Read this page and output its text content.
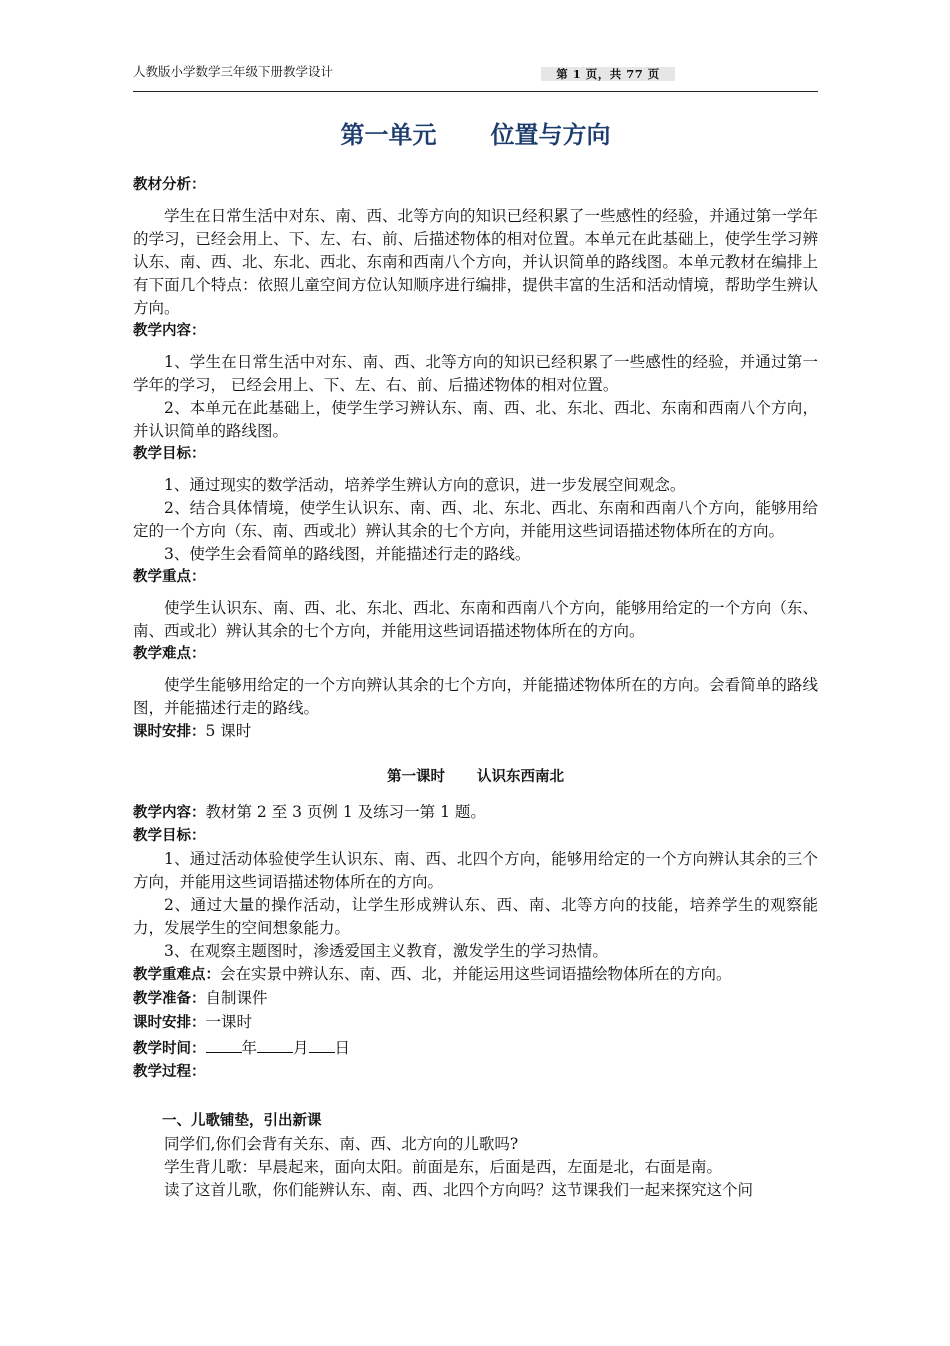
人教版小学数学三年级下册教学设计	第 1 页，共 77 页
第一单元 位置与方向
教材分析：

学生在日常生活中对东、南、西、北等方向的知识已经积累了一些感性的经验，并通过第一学年的学习，已经会用上、下、左、右、前、后描述物体的相对位置。本单元在此基础上，使学生学习辨认东、南、西、北、东北、西北、东南和西南八个方向，并认识简单的路线图。本单元教材在编排上有下面几个特点：依照儿童空间方位认知顺序进行编排，提供丰富的生活和活动情境，帮助学生辨认方向。

教学内容：

1、学生在日常生活中对东、南、西、北等方向的知识已经积累了一些感性的经验，并通过第一学年的学习， 已经会用上、下、左、右、前、后描述物体的相对位置。

2、本单元在此基础上，使学生学习辨认东、南、西、北、东北、西北、东南和西南八个方向，并认识简单的路线图。

教学目标：

1、通过现实的数学活动，培养学生辨认方向的意识，进一步发展空间观念。

2、结合具体情境，使学生认识东、南、西、北、东北、西北、东南和西南八个方向，能够用给定的一个方向（东、南、西或北）辨认其余的七个方向，并能用这些词语描述物体所在的方向。

3、使学生会看简单的路线图，并能描述行走的路线。

教学重点：

使学生认识东、南、西、北、东北、西北、东南和西南八个方向，能够用给定的一个方向（东、南、西或北）辨认其余的七个方向，并能用这些词语描述物体所在的方向。

教学难点：

使学生能够用给定的一个方向辨认其余的七个方向，并能描述物体所在的方向。会看简单的路线图，并能描述行走的路线。

课时安排：5 课时
第一课时 认识东西南北
教学内容：教材第 2 至 3 页例 1 及练习一第 1 题。
教学目标：

1、通过活动体验使学生认识东、南、西、北四个方向，能够用给定的一个方向辨认其余的三个方向，并能用这些词语描述物体所在的方向。

2、通过大量的操作活动，让学生形成辨认东、西、南、北等方向的技能，培养学生的观察能力，发展学生的空间想象能力。

3、在观察主题图时，渗透爱国主义教育，激发学生的学习热情。

教学重难点：会在实景中辨认东、南、西、北，并能运用这些词语描绘物体所在的方向。
教学准备：自制课件
课时安排：一课时
教学时间： 年 月 日
教学过程：
一、儿歌铺垫，引出新课

同学们,你们会背有关东、南、西、北方向的儿歌吗?

学生背儿歌：早晨起来，面向太阳。前面是东，后面是西，左面是北，右面是南。

读了这首儿歌，你们能辨认东、南、西、北四个方向吗？这节课我们一起来探究这个问
